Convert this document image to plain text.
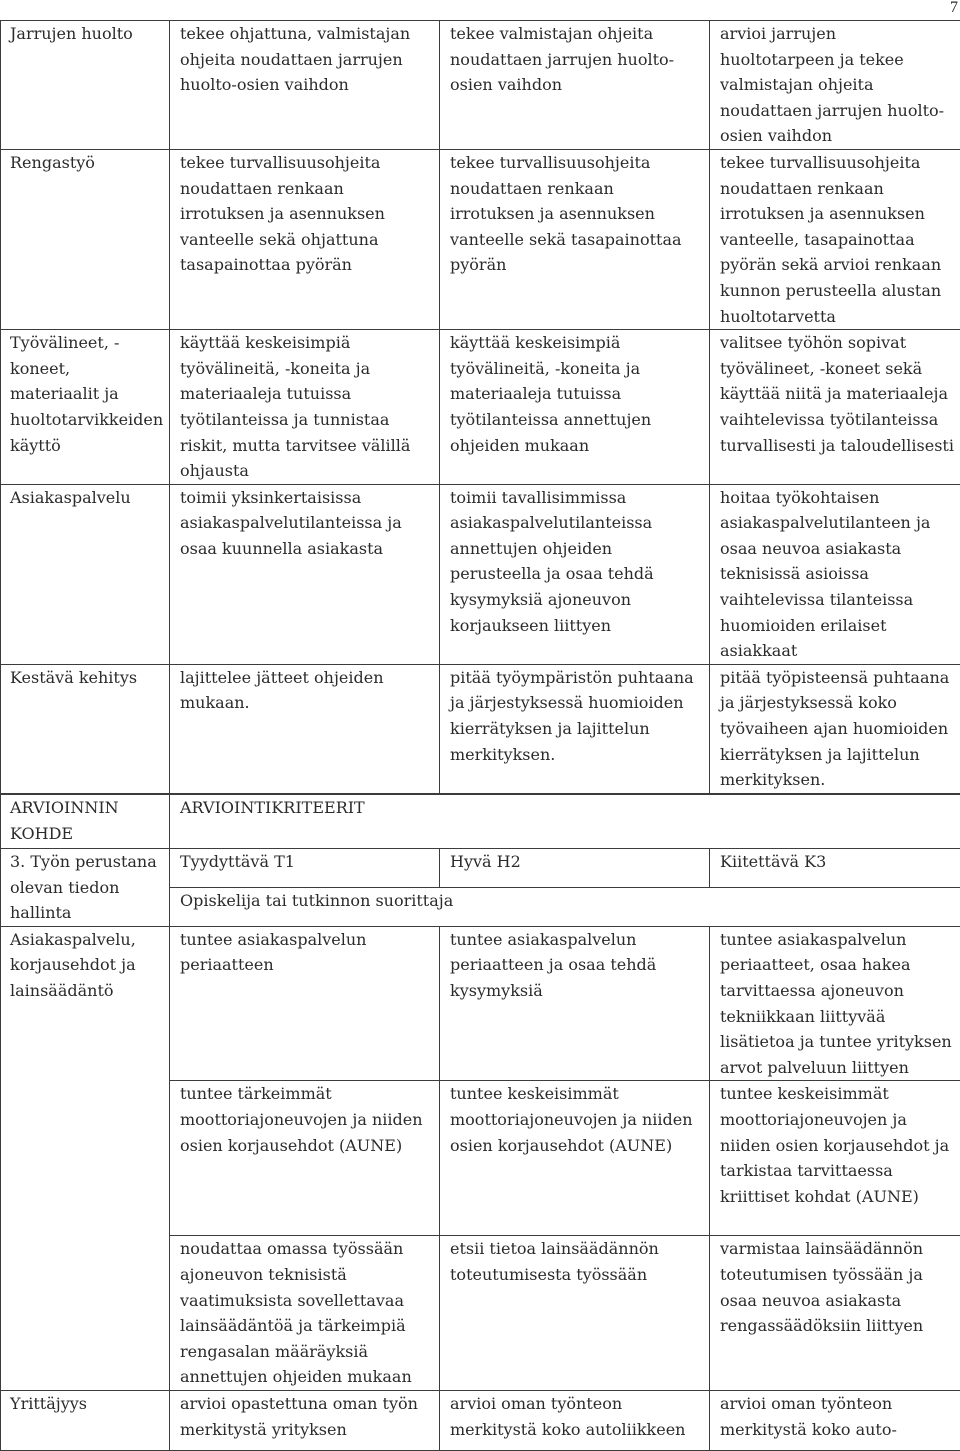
7
Jarrujen huolto	tekee ohjattuna, valmistajan ohjeita noudattaen jarrujen huolto-osien vaihdon	tekee valmistajan ohjeita noudattaen jarrujen huolto-osien vaihdon	arvioi jarrujen huoltotarpeen ja tekee valmistajan ohjeita noudattaen jarrujen huolto-osien vaihdon
Rengastyö	tekee turvallisuusohjeita noudattaen renkaan irrotuksen ja asennuksen vanteelle sekä ohjattuna tasapainottaa pyörän	tekee turvallisuusohjeita noudattaen renkaan irrotuksen ja asennuksen vanteelle sekä tasapainottaa pyörän	tekee turvallisuusohjeita noudattaen renkaan irrotuksen ja asennuksen vanteelle, tasapainottaa pyörän sekä arvioi renkaan kunnon perusteella alustan huoltotarvetta
Työvälineet, -koneet, materiaalit ja huoltotarvikkeiden käyttö	käyttää keskeisimpiä työvälineitä, -koneita ja materiaaleja tutuissa työtilanteissa ja tunnistaa riskit, mutta tarvitsee välillä ohjausta	käyttää keskeisimpiä työvälineitä, -koneita ja materiaaleja tutuissa työtilanteissa annettujen ohjeiden mukaan	valitsee työhön sopivat työvälineet, -koneet sekä käyttää niitä ja materiaaleja vaihtelevissa työtilanteissa turvallisesti ja taloudellisesti
Asiakaspalvelu	toimii yksinkertaisissa asiakaspalvelutilanteissa ja osaa kuunnella asiakasta	toimii tavallisimmissa asiakaspalvelutilanteissa annettujen ohjeiden perusteella ja osaa tehdä kysymyksiä ajoneuvon korjaukseen liittyen	hoitaa työkohtaisen asiakaspalvelutilanteen ja osaa neuvoa asiakasta teknisissä asioissa vaihtelevissa tilanteissa huomioiden erilaiset asiakkaat
Kestävä kehitys	lajittelee jätteet ohjeiden mukaan.	pitää työympäristön puhtaana ja järjestyksessä huomioiden kierrätyksen ja lajittelun merkityksen.	pitää työpisteensä puhtaana ja järjestyksessä koko työvaiheen ajan huomioiden kierrätyksen ja lajittelun merkityksen.
ARVIOINNIN KOHDE	ARVIOINTIKRITEERIT		
3. Työn perustana olevan tiedon hallinta	Tyydyttävä T1	Hyvä H2	Kiitettävä K3
	Opiskelija tai tutkinnon suorittaja		
Asiakaspalvelu, korjausehdot ja lainsäädäntö	tuntee asiakaspalvelun periaatteen	tuntee asiakaspalvelun periaatteen ja osaa tehdä kysymyksiä	tuntee asiakaspalvelun periaatteet, osaa hakea tarvittaessa ajoneuvon tekniikkaan liittyvää lisätietoa ja tuntee yrityksen arvot palveluun liittyen
	tuntee tärkeimmät moottoriajoneuvojen ja niiden osien korjausehdot (AUNE)	tuntee keskeisimmät moottoriajoneuvojen ja niiden osien korjausehdot (AUNE)	tuntee keskeisimmät moottoriajoneuvojen ja niiden osien korjausehdot ja tarkistaa tarvittaessa kriittiset kohdat (AUNE)
	noudattaa omassa työssään ajoneuvon teknisistä vaatimuksista sovellettavaa lainsäädäntöä ja tärkeimpiä rengasalan määräyksiä annettujen ohjeiden mukaan	etsii tietoa lainsäädännön toteutumisesta työssään	varmistaa lainsäädännön toteutumisen työssään ja osaa neuvoa asiakasta rengassäädöksiin liittyen
Yrittäjyys	arvioi opastettuna oman työn merkitystä yrityksen	arvioi oman työnteon merkitystä koko autoliikkeen	arvioi oman työnteon merkitystä koko auto-
